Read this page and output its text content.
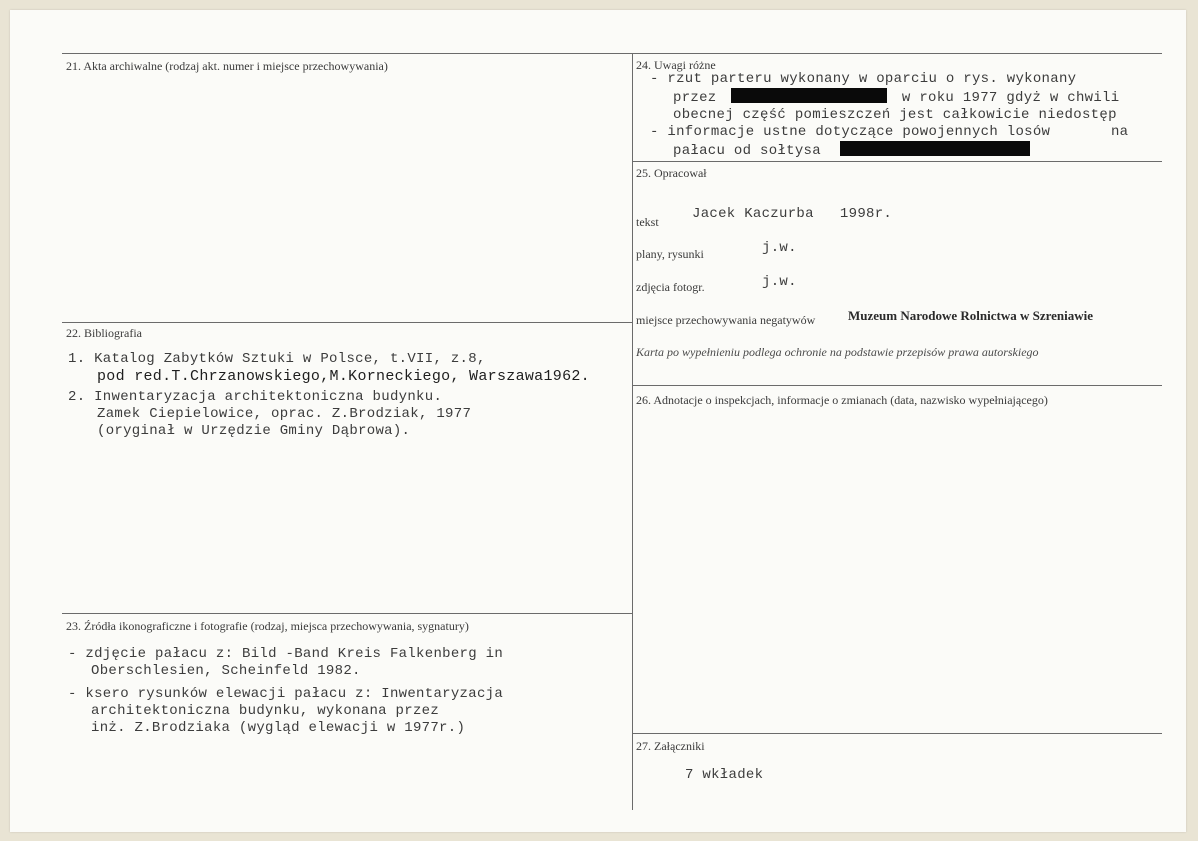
21. Akta archiwalne (rodzaj akt. numer i miejsce przechowywania)
22. Bibliografia
1. Katalog Zabytków Sztuki w Polsce, t.VII, z.8,
pod red.T.Chrzanowskiego,M.Korneckiego, Warszawa1962.
2. Inwentaryzacja architektoniczna budynku.
Zamek Ciepielowice, oprac. Z.Brodziak, 1977
(oryginał w Urzędzie Gminy Dąbrowa).
23. Źródła ikonograficzne i fotografie (rodzaj, miejsca przechowywania, sygnatury)
- zdjęcie pałacu z: Bild -Band Kreis Falkenberg in
Oberschlesien, Scheinfeld 1982.
- ksero rysunków elewacji pałacu z: Inwentaryzacja
architektoniczna budynku, wykonana przez
inż. Z.Brodziaka (wygląd elewacji w 1977r.)
24. Uwagi różne
- rzut parteru wykonany w oparciu o rys. wykonany
przez	w roku 1977 gdyż w chwili
obecnej część pomieszczeń jest całkowicie niedostęp
- informacje ustne dotyczące powojennych losów	na
pałacu od sołtysa
25. Opracował
tekst Jacek Kaczurba   1998r.
plany, rysunki	j.w.
zdjęcia fotogr.	j.w.
miejsce przechowywania negatywów	Muzeum Narodowe Rolnictwa w Szreniawie
Karta po wypełnieniu podlega ochronie na podstawie przepisów prawa autorskiego
26. Adnotacje o inspekcjach, informacje o zmianach (data, nazwisko wypełniającego)
27. Załączniki
7 wkładek
